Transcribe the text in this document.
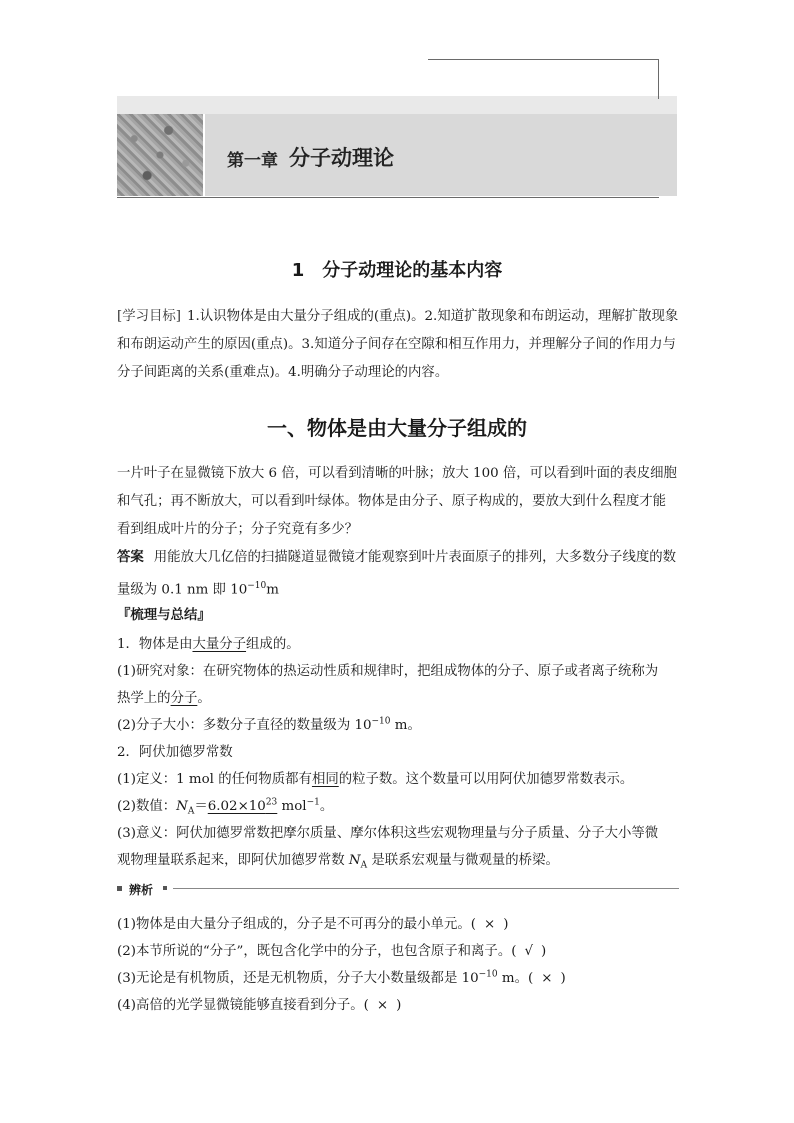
第一章 分子动理论
1 分子动理论的基本内容
[学习目标] 1.认识物体是由大量分子组成的(重点)。2.知道扩散现象和布朗运动，理解扩散现象和布朗运动产生的原因(重点)。3.知道分子间存在空隙和相互作用力，并理解分子间的作用力与分子间距离的关系(重难点)。4.明确分子动理论的内容。
一、物体是由大量分子组成的
一片叶子在显微镜下放大 6 倍，可以看到清晰的叶脉；放大 100 倍，可以看到叶面的表皮细胞和气孔；再不断放大，可以看到叶绿体。物体是由分子、原子构成的，要放大到什么程度才能看到组成叶片的分子；分子究竟有多少？
答案 用能放大几亿倍的扫描隧道显微镜才能观察到叶片表面原子的排列，大多数分子线度的数量级为 0.1 nm 即 $10^{-10}m$
『梳理与总结』
1．物体是由大量分子组成的。
(1)研究对象：在研究物体的热运动性质和规律时，把组成物体的分子、原子或者离子统称为
热学上的分子。
(2)分子大小：多数分子直径的数量级为 $10^{-10}$ m。
2．阿伏加德罗常数
(1)定义：1 mol 的任何物质都有相同的粒子数。这个数量可以用阿伏加德罗常数表示。
(2)数值：$N_A=6.02\times 10^{23}$ mol$^{-1}$。
(3)意义：阿伏加德罗常数把摩尔质量、摩尔体积这些宏观物理量与分子质量、分子大小等微
观物理量联系起来，即阿伏加德罗常数 $N_A$ 是联系宏观量与微观量的桥梁。
辨析
(1)物体是由大量分子组成的，分子是不可再分的最小单元。( × )
(2)本节所说的“分子”，既包含化学中的分子，也包含原子和离子。( √ )
(3)无论是有机物质，还是无机物质，分子大小数量级都是 $10^{-10}$ m。( × )
(4)高倍的光学显微镜能够直接看到分子。( × )
